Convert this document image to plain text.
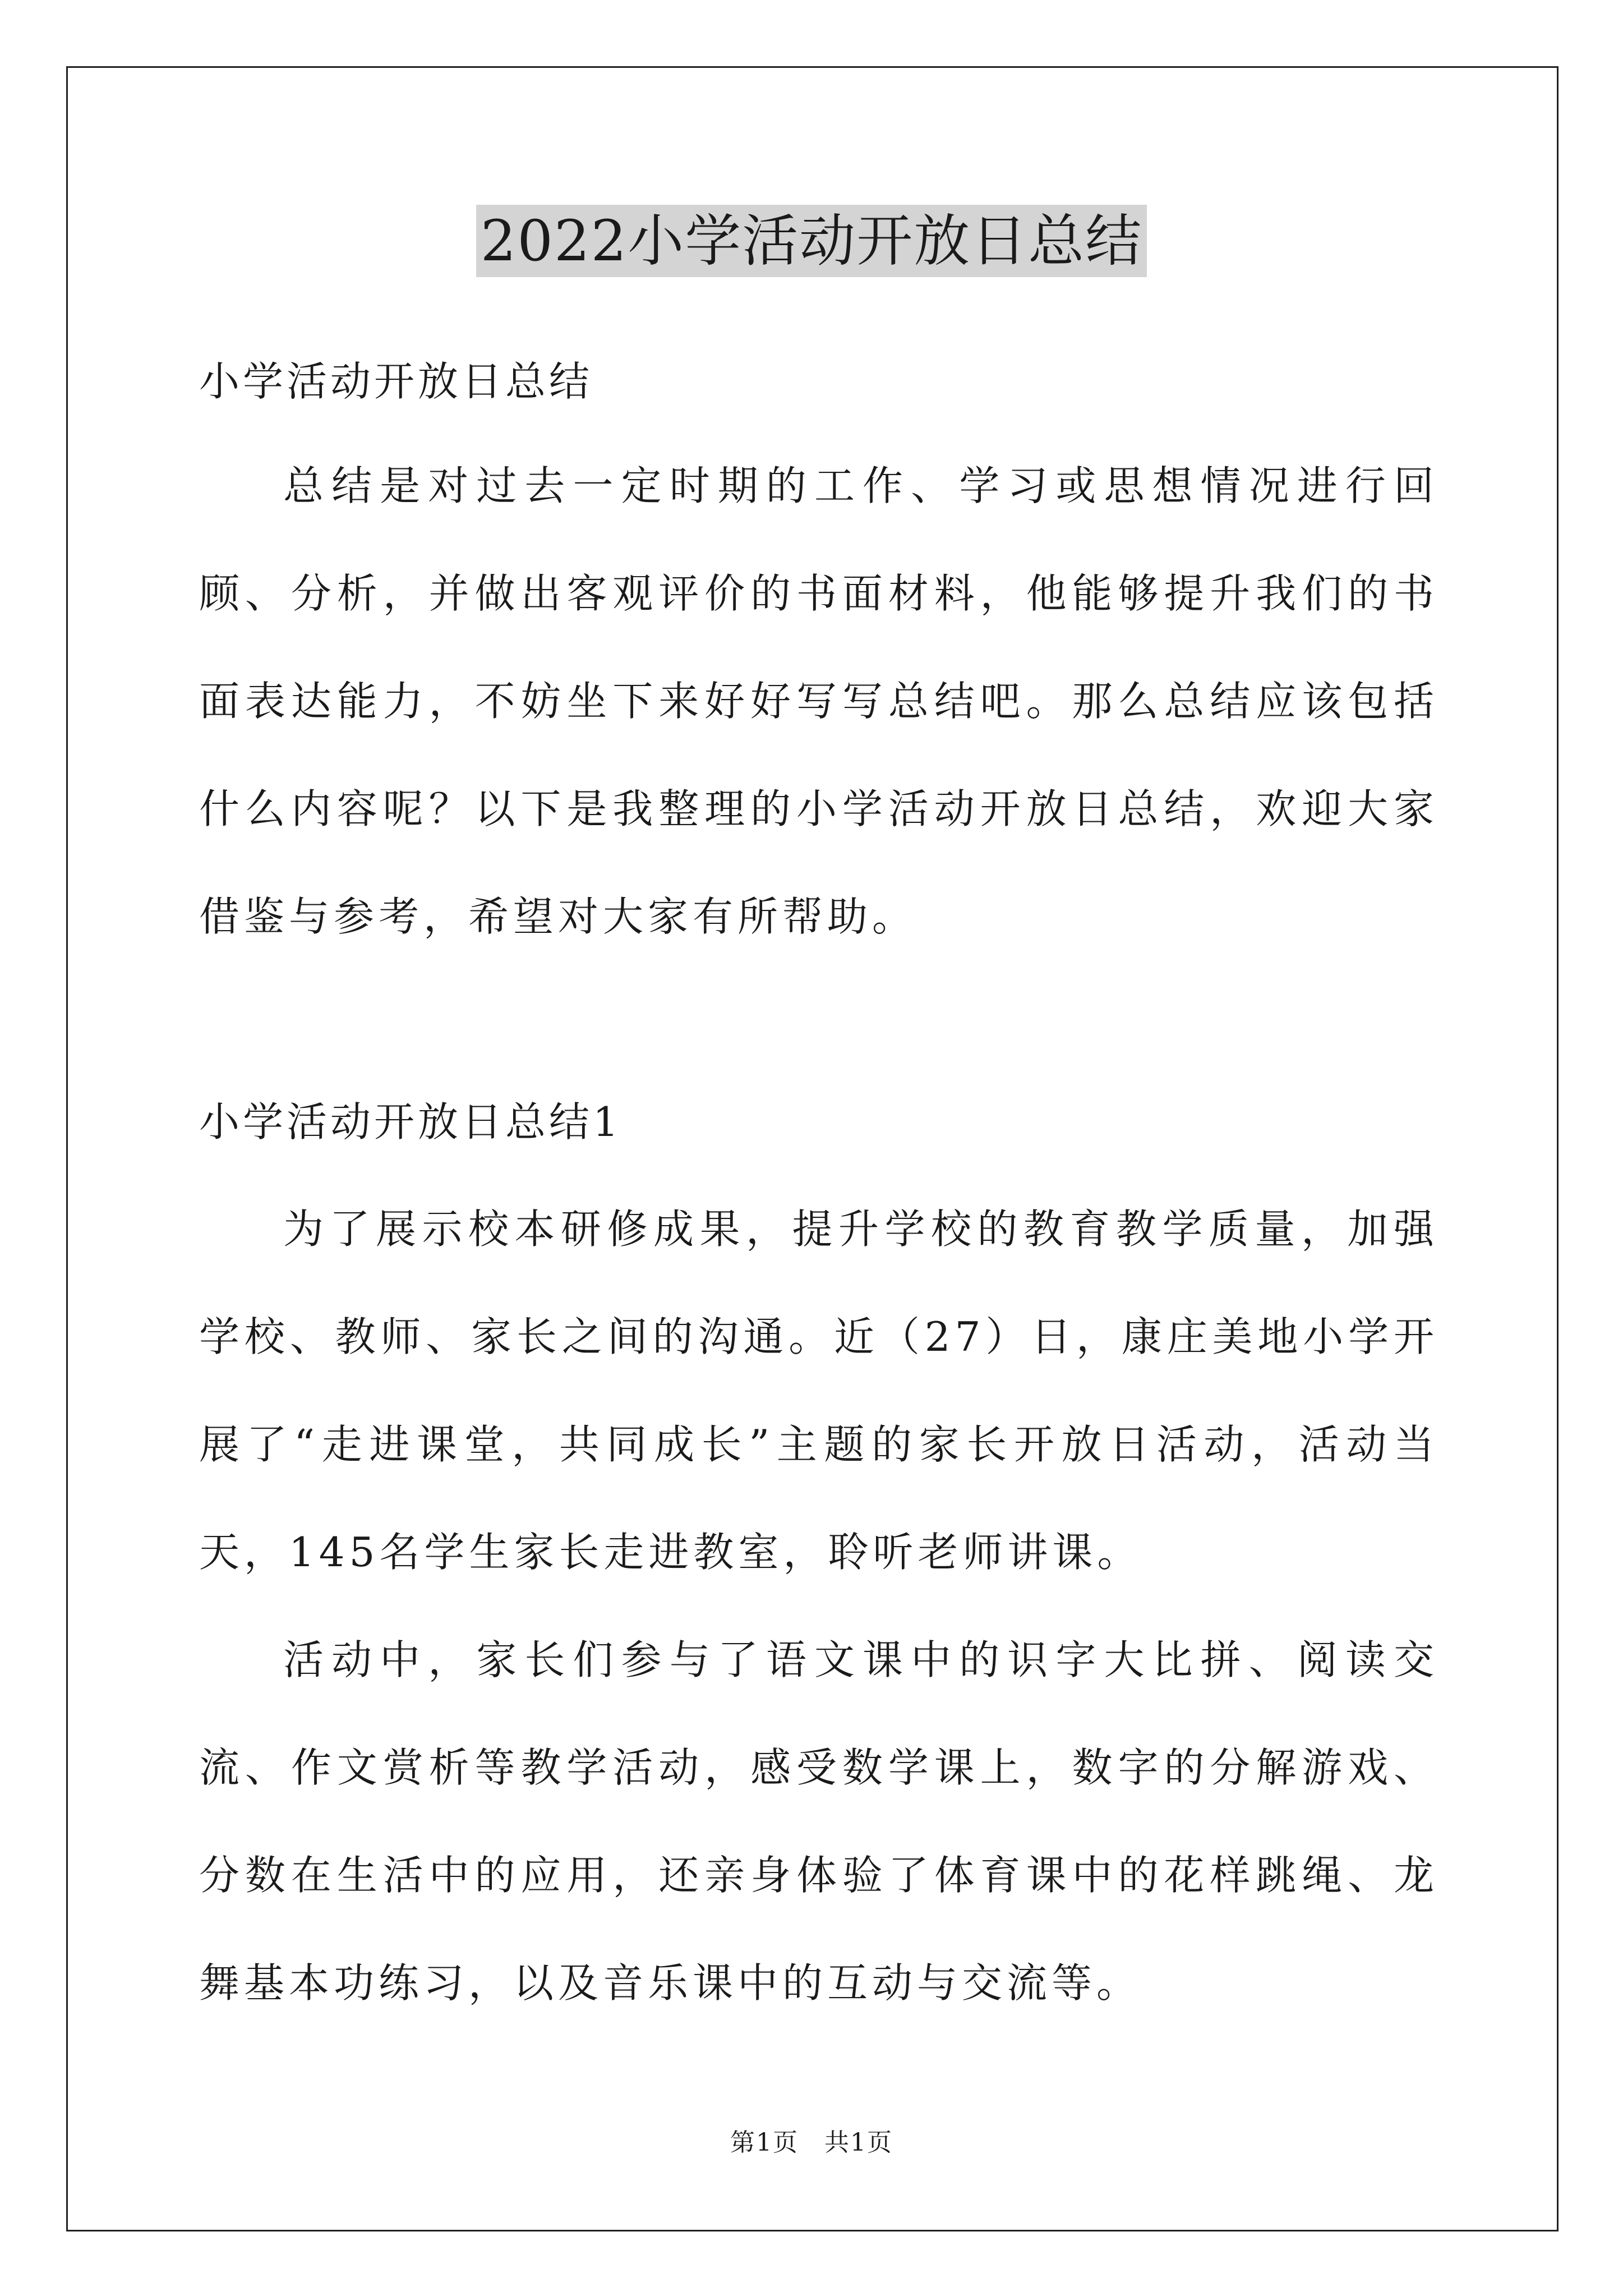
2022小学活动开放日总结
小学活动开放日总结

总结是对过去一定时期的工作、学习或思想情况进行回顾、分析，并做出客观评价的书面材料，他能够提升我们的书面表达能力，不妨坐下来好好写写总结吧。那么总结应该包括什么内容呢？以下是我整理的小学活动开放日总结，欢迎大家借鉴与参考，希望对大家有所帮助。

小学活动开放日总结1

为了展示校本研修成果，提升学校的教育教学质量，加强学校、教师、家长之间的沟通。近（27）日，康庄美地小学开展了“走进课堂，共同成长”主题的家长开放日活动，活动当天，145名学生家长走进教室，聆听老师讲课。

活动中，家长们参与了语文课中的识字大比拼、阅读交流、作文赏析等教学活动，感受数学课上，数字的分解游戏、分数在生活中的应用，还亲身体验了体育课中的花样跳绳、龙舞基本功练习，以及音乐课中的互动与交流等。

第1页　共1页
